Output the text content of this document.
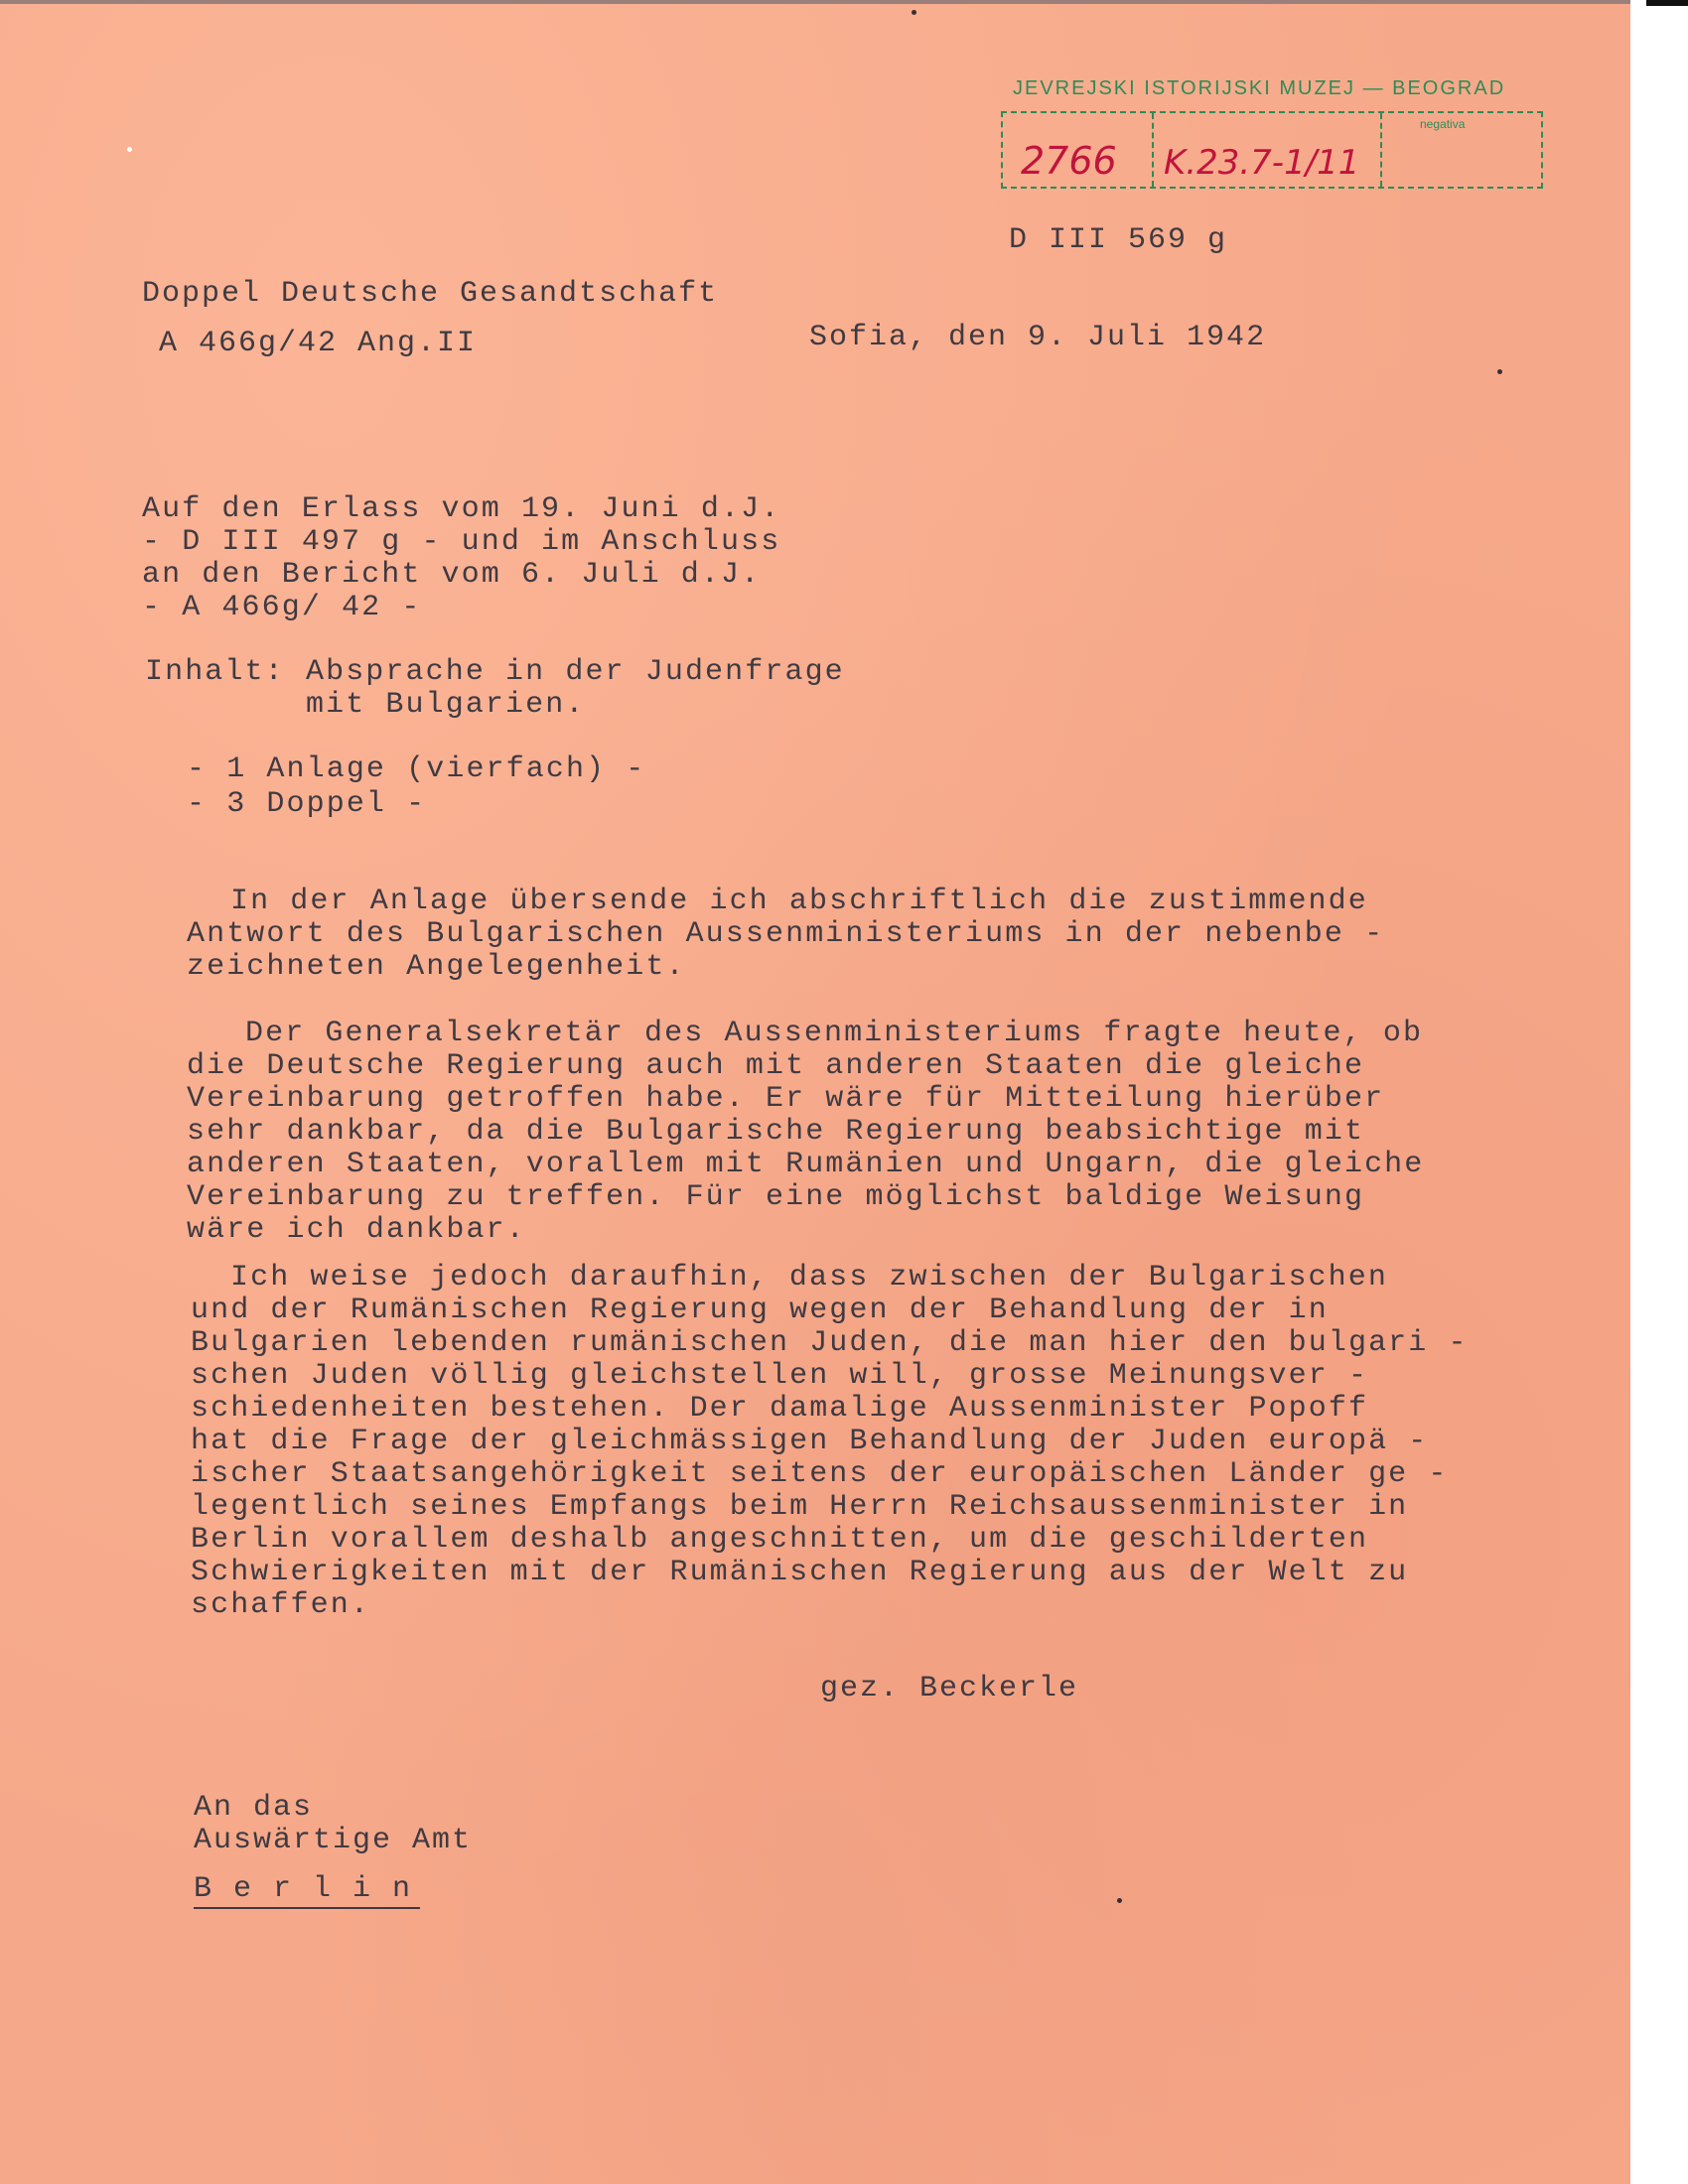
JEVREJSKI ISTORIJSKI MUZEJ — BEOGRAD
negativa
2766 K.23.7-1/11
D III 569 g
Doppel Deutsche Gesandtschaft
A 466g/42 Ang.II	Sofia, den 9. Juli 1942
Auf den Erlass vom 19. Juni d.J.
- D III 497 g - und im Anschluss
an den Bericht vom 6. Juli d.J.
- A 466g/ 42 -
Inhalt: Absprache in der Judenfrage
mit Bulgarien.
- 1 Anlage (vierfach) -
- 3 Doppel -
In der Anlage übersende ich abschriftlich die zustimmende
Antwort des Bulgarischen Aussenministeriums in der nebenbe -
zeichneten Angelegenheit.
Der Generalsekretär des Aussenministeriums fragte heute, ob
die Deutsche Regierung auch mit anderen Staaten die gleiche
Vereinbarung getroffen habe. Er wäre für Mitteilung hierüber
sehr dankbar, da die Bulgarische Regierung beabsichtige mit
anderen Staaten, vorallem mit Rumänien und Ungarn, die gleiche
Vereinbarung zu treffen. Für eine möglichst baldige Weisung
wäre ich dankbar.
Ich weise jedoch daraufhin, dass zwischen der Bulgarischen
und der Rumänischen Regierung wegen der Behandlung der in
Bulgarien lebenden rumänischen Juden, die man hier den bulgari -
schen Juden völlig gleichstellen will, grosse Meinungsver -
schiedenheiten bestehen. Der damalige Aussenminister Popoff
hat die Frage der gleichmässigen Behandlung der Juden europä -
ischer Staatsangehörigkeit seitens der europäischen Länder ge -
legentlich seines Empfangs beim Herrn Reichsaussenminister in
Berlin vorallem deshalb angeschnitten, um die geschilderten
Schwierigkeiten mit der Rumänischen Regierung aus der Welt zu
schaffen.
gez. Beckerle
An das
Auswärtige Amt
B e r l i n
